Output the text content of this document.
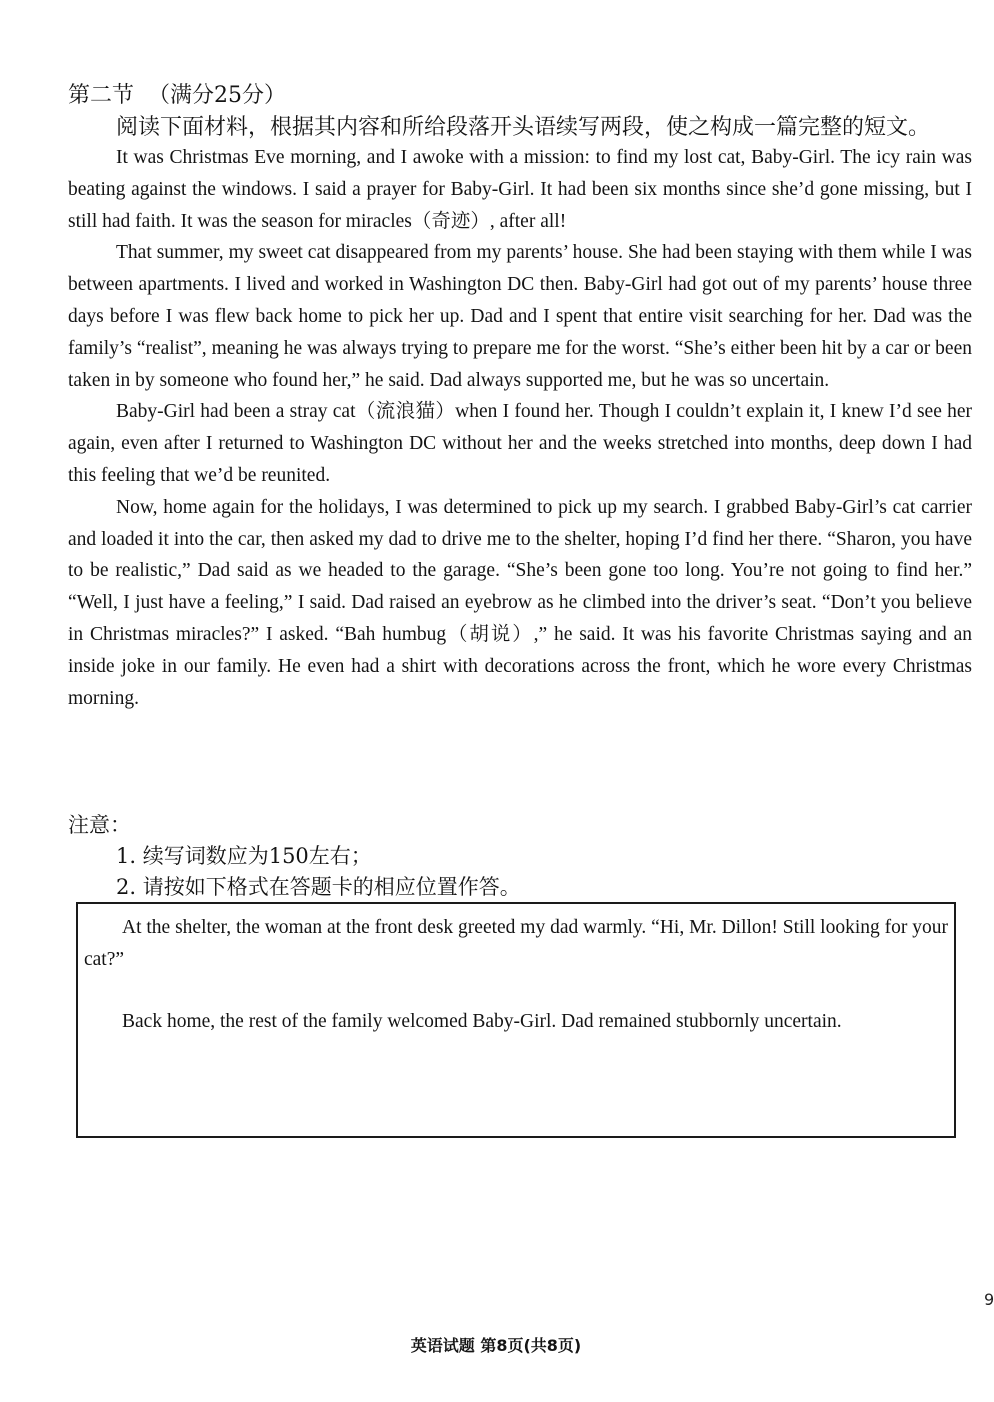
第二节 （满分25分）
阅读下面材料，根据其内容和所给段落开头语续写两段，使之构成一篇完整的短文。

It was Christmas Eve morning, and I awoke with a mission: to find my lost cat, Baby-Girl. The icy rain was beating against the windows. I said a prayer for Baby-Girl. It had been six months since she’d gone missing, but I still had faith. It was the season for miracles（奇迹）, after all!

That summer, my sweet cat disappeared from my parents’ house. She had been staying with them while I was between apartments. I lived and worked in Washington DC then. Baby-Girl had got out of my parents’ house three days before I was flew back home to pick her up. Dad and I spent that entire visit searching for her. Dad was the family’s “realist”, meaning he was always trying to prepare me for the worst. “She’s either been hit by a car or been taken in by someone who found her,” he said. Dad always supported me, but he was so uncertain.

Baby-Girl had been a stray cat（流浪猫）when I found her. Though I couldn’t explain it, I knew I’d see her again, even after I returned to Washington DC without her and the weeks stretched into months, deep down I had this feeling that we’d be reunited.

Now, home again for the holidays, I was determined to pick up my search. I grabbed Baby-Girl’s cat carrier and loaded it into the car, then asked my dad to drive me to the shelter, hoping I’d find her there. “Sharon, you have to be realistic,” Dad said as we headed to the garage. “She’s been gone too long. You’re not going to find her.” “Well, I just have a feeling,” I said. Dad raised an eyebrow as he climbed into the driver’s seat. “Don’t you believe in Christmas miracles?” I asked. “Bah humbug（胡说）,” he said. It was his favorite Christmas saying and an inside joke in our family. He even had a shirt with decorations across the front, which he wore every Christmas morning.

注意：
1. 续写词数应为150左右；
2. 请按如下格式在答题卡的相应位置作答。

At the shelter, the woman at the front desk greeted my dad warmly. “Hi, Mr. Dillon! Still looking for your cat?”

Back home, the rest of the family welcomed Baby-Girl. Dad remained stubbornly uncertain.

9
英语试题 第8页(共8页)
